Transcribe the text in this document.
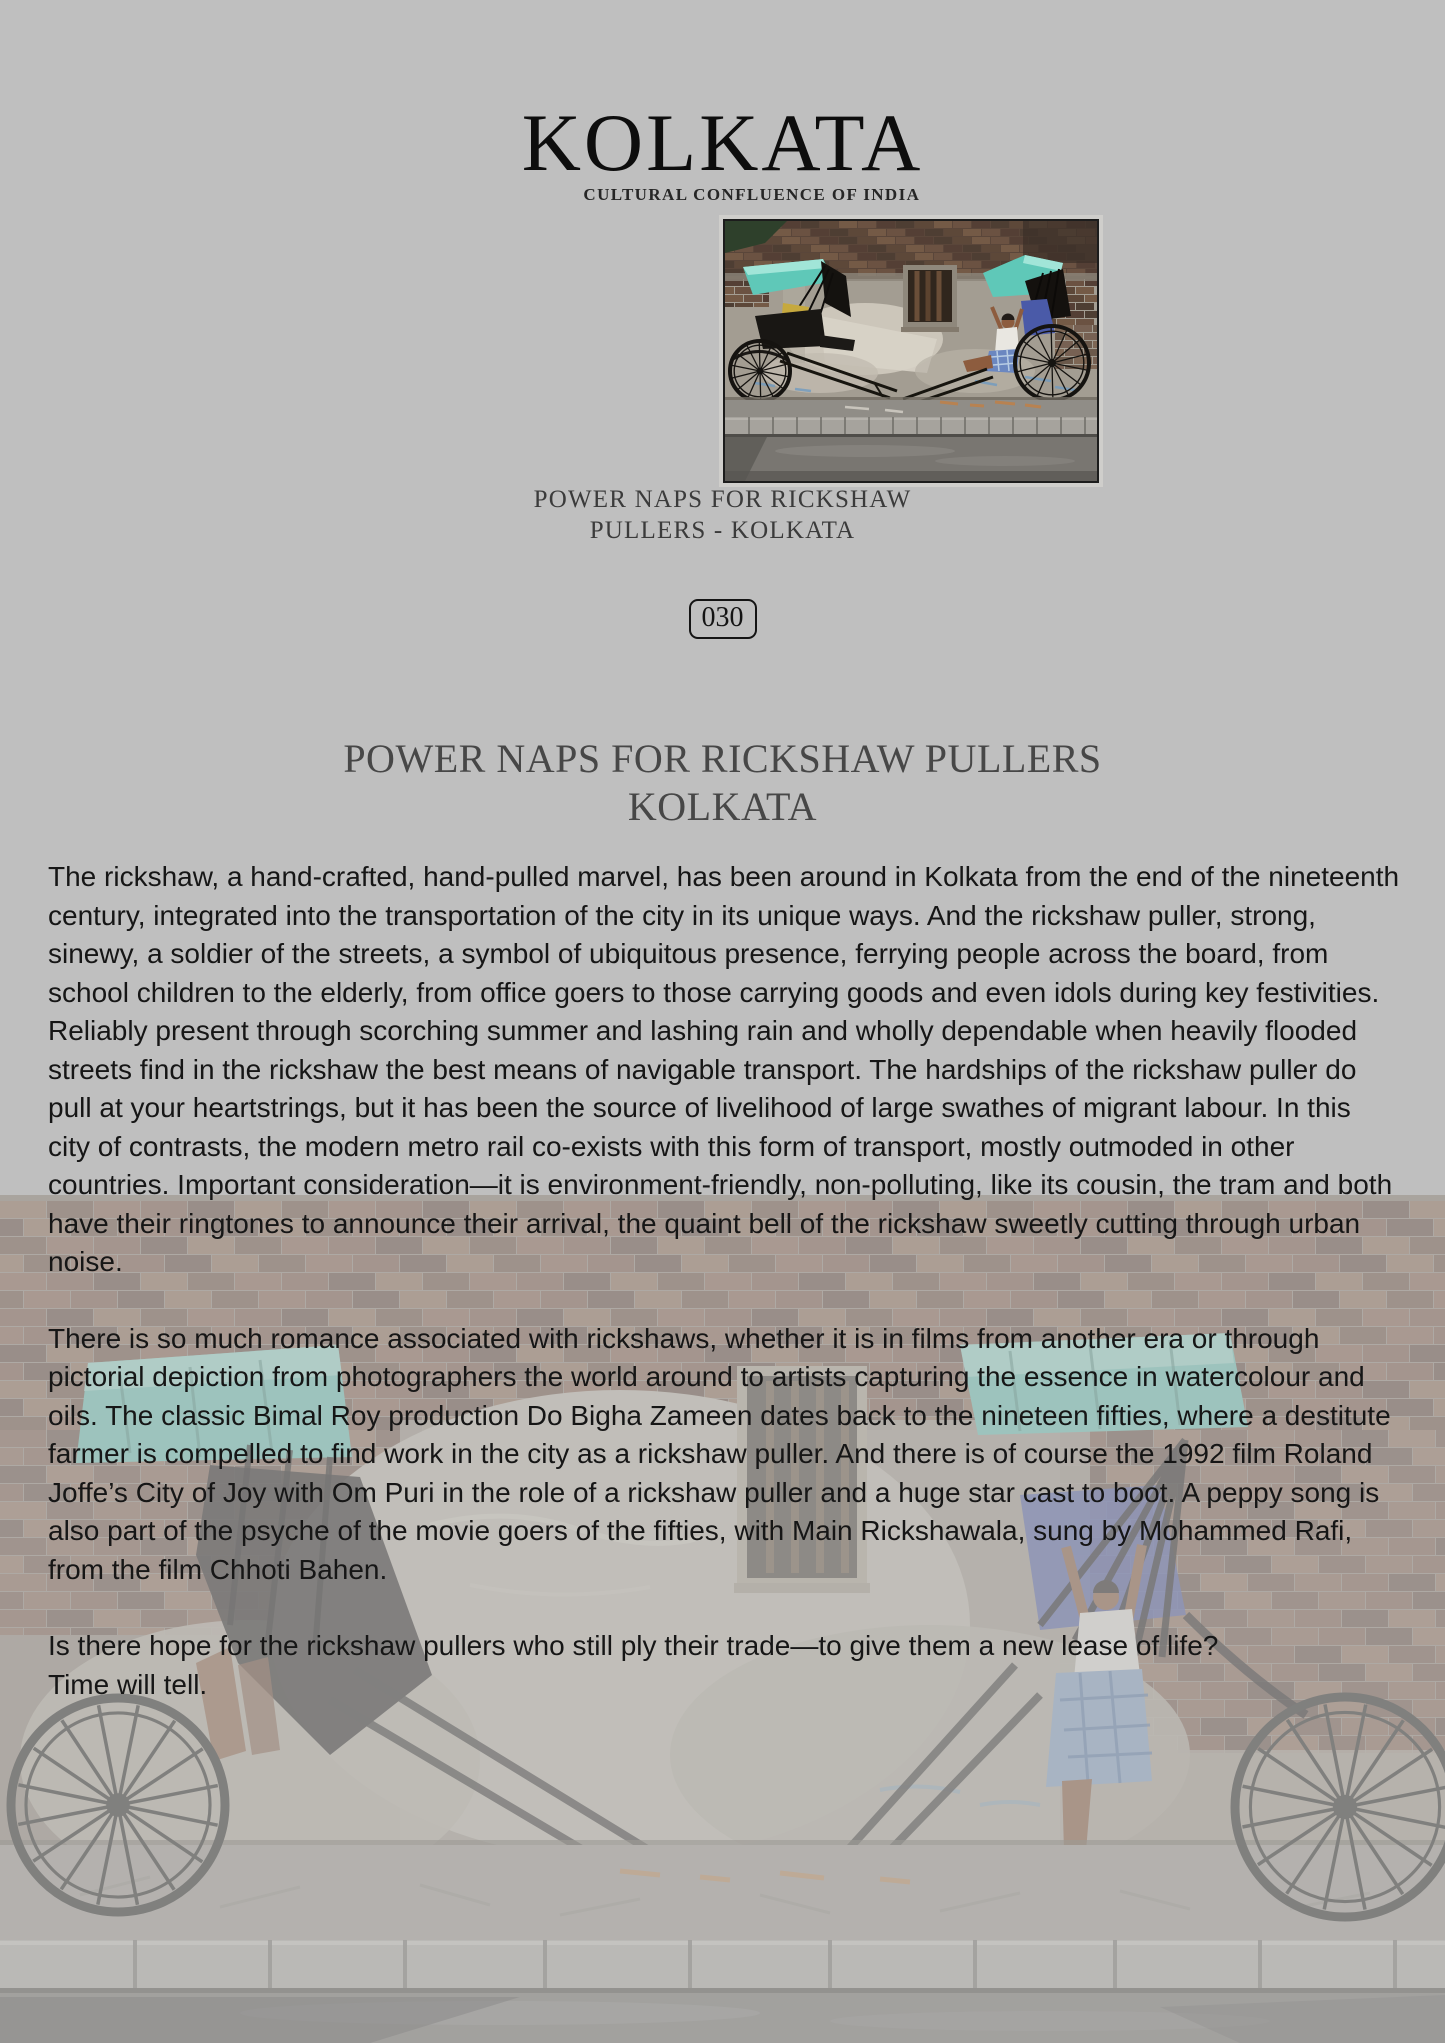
KOLKATA
CULTURAL CONFLUENCE OF INDIA
POWER NAPS FOR RICKSHAW
PULLERS - KOLKATA
030
POWER NAPS FOR RICKSHAW PULLERS
KOLKATA

The rickshaw, a hand-crafted, hand-pulled marvel, has been around in Kolkata from the end of the nineteenth century, integrated into the transportation of the city in its unique ways. And the rickshaw puller, strong, sinewy, a soldier of the streets, a symbol of ubiquitous presence, ferrying people across the board, from school children to the elderly, from office goers to those carrying goods and even idols during key festivities. Reliably present through scorching summer and lashing rain and wholly dependable when heavily flooded streets find in the rickshaw the best means of navigable transport. The hardships of the rickshaw puller do pull at your heartstrings, but it has been the source of livelihood of large swathes of migrant labour. In this city of contrasts, the modern metro rail co-exists with this form of transport, mostly outmoded in other countries. Important consideration—it is environment-friendly, non-polluting, like its cousin, the tram and both have their ringtones to announce their arrival, the quaint bell of the rickshaw sweetly cutting through urban noise.

There is so much romance associated with rickshaws, whether it is in films from another era or through pictorial depiction from photographers the world around to artists capturing the essence in watercolour and oils. The classic Bimal Roy production Do Bigha Zameen dates back to the nineteen fifties, where a destitute farmer is compelled to find work in the city as a rickshaw puller. And there is of course the 1992 film Roland Joffe’s City of Joy with Om Puri in the role of a rickshaw puller and a huge star cast to boot. A peppy song is also part of the psyche of the movie goers of the fifties, with Main Rickshawala, sung by Mohammed Rafi, from the film Chhoti Bahen.

Is there hope for the rickshaw pullers who still ply their trade—to give them a new lease of life?

Time will tell.
